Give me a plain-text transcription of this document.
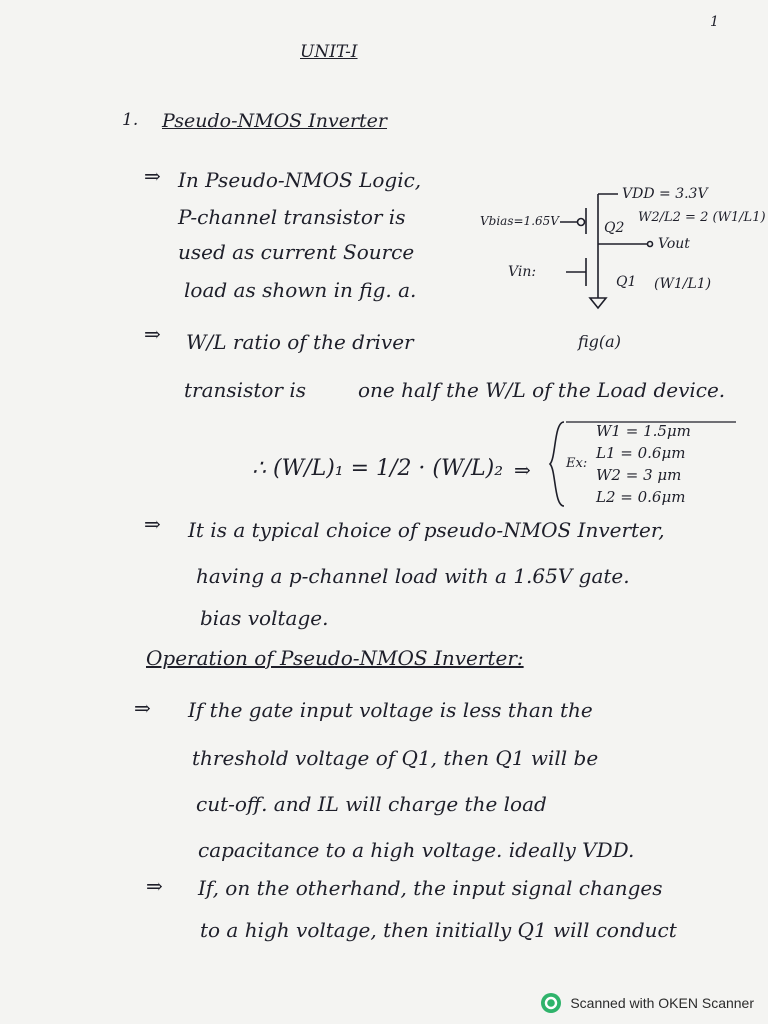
1
UNIT-I
1. Pseudo-NMOS Inverter
⇒ In Pseudo-NMOS Logic,
P-channel transistor is
used as current Source
load as shown in fig. a.
VDD = 3.3V
Vbias=1.65V	Q2
W2/L2 = 2 (W1/L1)
Vout
Vin:
Q1 (W1/L1)
fig(a)
⇒ W/L ratio of the driver
transistor is	one half the W/L of the Load device.
∴ (W/L)₁ = 1/2 · (W/L)₂ ⇒	Ex:
W1 = 1.5μm
L1 = 0.6μm
W2 = 3 μm
L2 = 0.6μm
⇒ It is a typical choice of pseudo-NMOS Inverter,
having a p-channel load with a 1.65V gate.
bias voltage.
Operation of Pseudo-NMOS Inverter:
⇒ If the gate input voltage is less than the
threshold voltage of Q1, then Q1 will be
cut-off. and IL will charge the load
capacitance to a high voltage. ideally VDD.
⇒ If, on the otherhand, the input signal changes
to a high voltage, then initially Q1 will conduct
Scanned with OKEN Scanner
